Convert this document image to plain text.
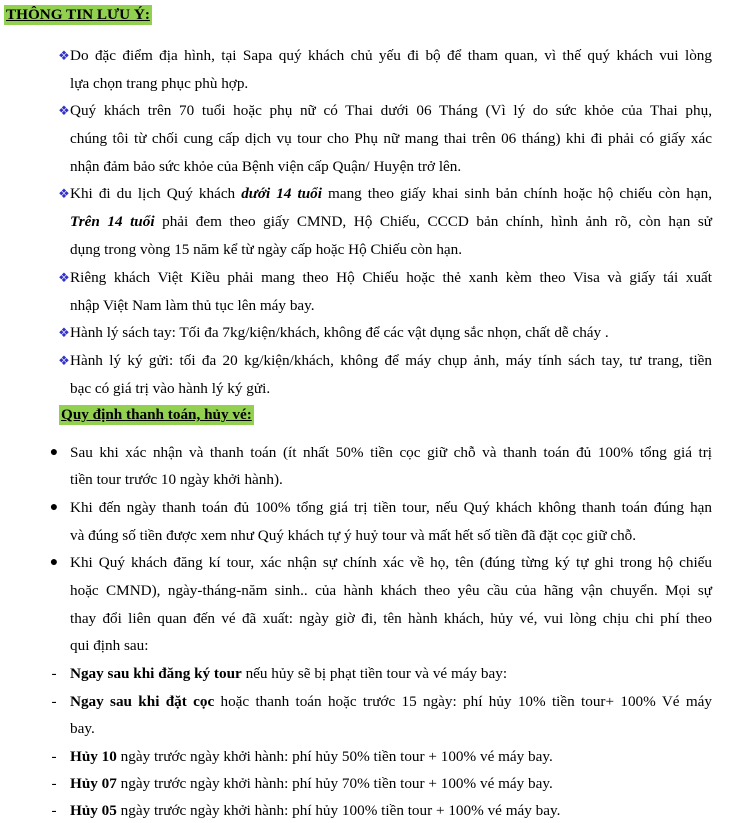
THÔNG TIN LƯU Ý:
❖ Do đặc điểm địa hình, tại Sapa quý khách chủ yếu đi bộ để tham quan, vì thế quý khách vui lòng
lựa chọn trang phục phù hợp.
❖ Quý khách trên 70 tuổi hoặc phụ nữ có Thai dưới 06 Tháng (Vì lý do sức khỏe của Thai phụ,
chúng tôi từ chối cung cấp dịch vụ tour cho Phụ nữ mang thai trên 06 tháng) khi đi phải có giấy xác
nhận đảm bảo sức khỏe của Bệnh viện cấp Quận/ Huyện trở lên.
❖ Khi đi du lịch Quý khách dưới 14 tuổi mang theo giấy khai sinh bản chính hoặc hộ chiếu còn hạn,
Trên 14 tuổi phải đem theo giấy CMND, Hộ Chiếu, CCCD bản chính, hình ảnh rõ, còn hạn sử
dụng trong vòng 15 năm kể từ ngày cấp hoặc Hộ Chiếu còn hạn.
❖ Riêng khách Việt Kiều phải mang theo Hộ Chiếu hoặc thẻ xanh kèm theo Visa và giấy tái xuất
nhập Việt Nam làm thủ tục lên máy bay.
❖ Hành lý sách tay: Tối đa 7kg/kiện/khách, không để các vật dụng sắc nhọn, chất dễ cháy .
❖ Hành lý ký gửi: tối đa 20 kg/kiện/khách, không để máy chụp ảnh, máy tính sách tay, tư trang, tiền
bạc có giá trị vào hành lý ký gửi.
Quy định thanh toán, hủy vé:
● Sau khi xác nhận và thanh toán (ít nhất 50% tiền cọc giữ chỗ và thanh toán đủ 100% tổng giá trị
tiền tour trước 10 ngày khởi hành).
● Khi đến ngày thanh toán đủ 100% tổng giá trị tiền tour, nếu Quý khách không thanh toán đúng hạn
và đúng số tiền được xem như Quý khách tự ý huỷ tour và mất hết số tiền đã đặt cọc giữ chỗ.
● Khi Quý khách đăng kí tour, xác nhận sự chính xác về họ, tên (đúng từng ký tự ghi trong hộ chiếu
hoặc CMND), ngày-tháng-năm sinh.. của hành khách theo yêu cầu của hãng vận chuyển. Mọi sự
thay đổi liên quan đến vé đã xuất: ngày giờ đi, tên hành khách, hủy vé, vui lòng chịu chi phí theo
qui định sau:
- Ngay sau khi đăng ký tour nếu hủy sẽ bị phạt tiền tour và vé máy bay:
- Ngay sau khi đặt cọc hoặc thanh toán hoặc trước 15 ngày: phí hủy 10% tiền tour+ 100% Vé máy
bay.
- Hủy 10 ngày trước ngày khởi hành: phí hủy 50% tiền tour + 100% vé máy bay.
- Hủy 07 ngày trước ngày khởi hành: phí hủy 70% tiền tour + 100% vé máy bay.
- Hủy 05 ngày trước ngày khởi hành: phí hủy 100% tiền tour + 100% vé máy bay.
